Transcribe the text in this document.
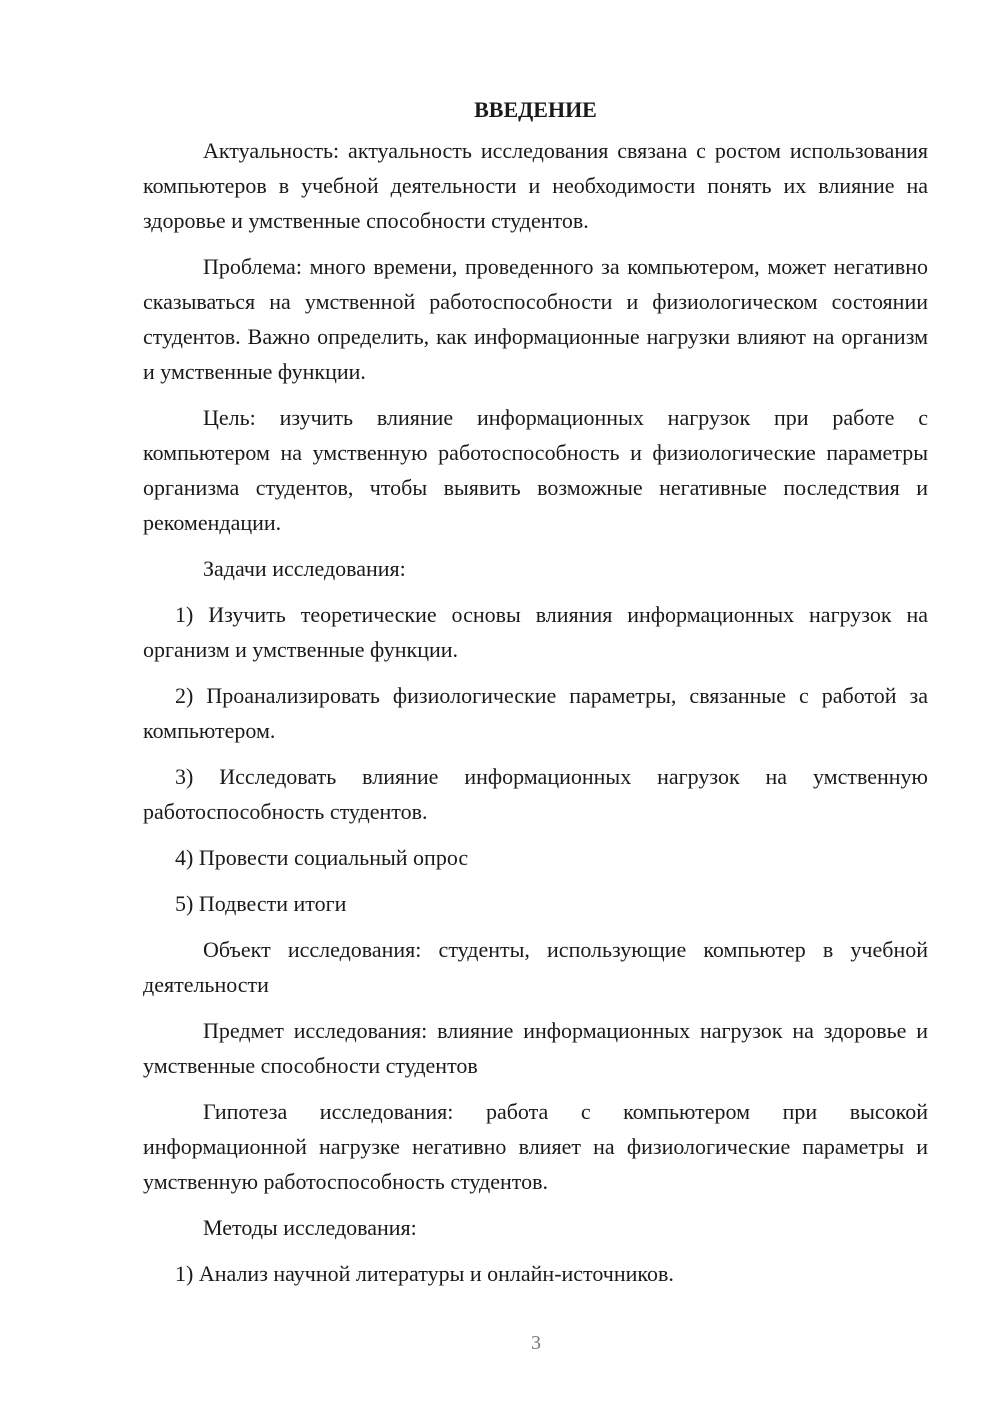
ВВЕДЕНИЕ
Актуальность: актуальность исследования связана с ростом использования компьютеров в учебной деятельности и необходимости понять их влияние на здоровье и умственные способности студентов.
Проблема: много времени, проведенного за компьютером, может негативно сказываться на умственной работоспособности и физиологическом состоянии студентов. Важно определить, как информационные нагрузки влияют на организм и умственные функции.
Цель: изучить влияние информационных нагрузок при работе с компьютером на умственную работоспособность и физиологические параметры организма студентов, чтобы выявить возможные негативные последствия и рекомендации.
Задачи исследования:
1) Изучить теоретические основы влияния информационных нагрузок на организм и умственные функции.
2) Проанализировать физиологические параметры, связанные с работой за компьютером.
3) Исследовать влияние информационных нагрузок на умственную работоспособность студентов.
4) Провести социальный опрос
5) Подвести итоги
Объект исследования: студенты, использующие компьютер в учебной деятельности
Предмет исследования: влияние информационных нагрузок на здоровье и умственные способности студентов
Гипотеза исследования: работа с компьютером при высокой информационной нагрузке негативно влияет на физиологические параметры и умственную работоспособность студентов.
Методы исследования:
1) Анализ научной литературы и онлайн-источников.
3
